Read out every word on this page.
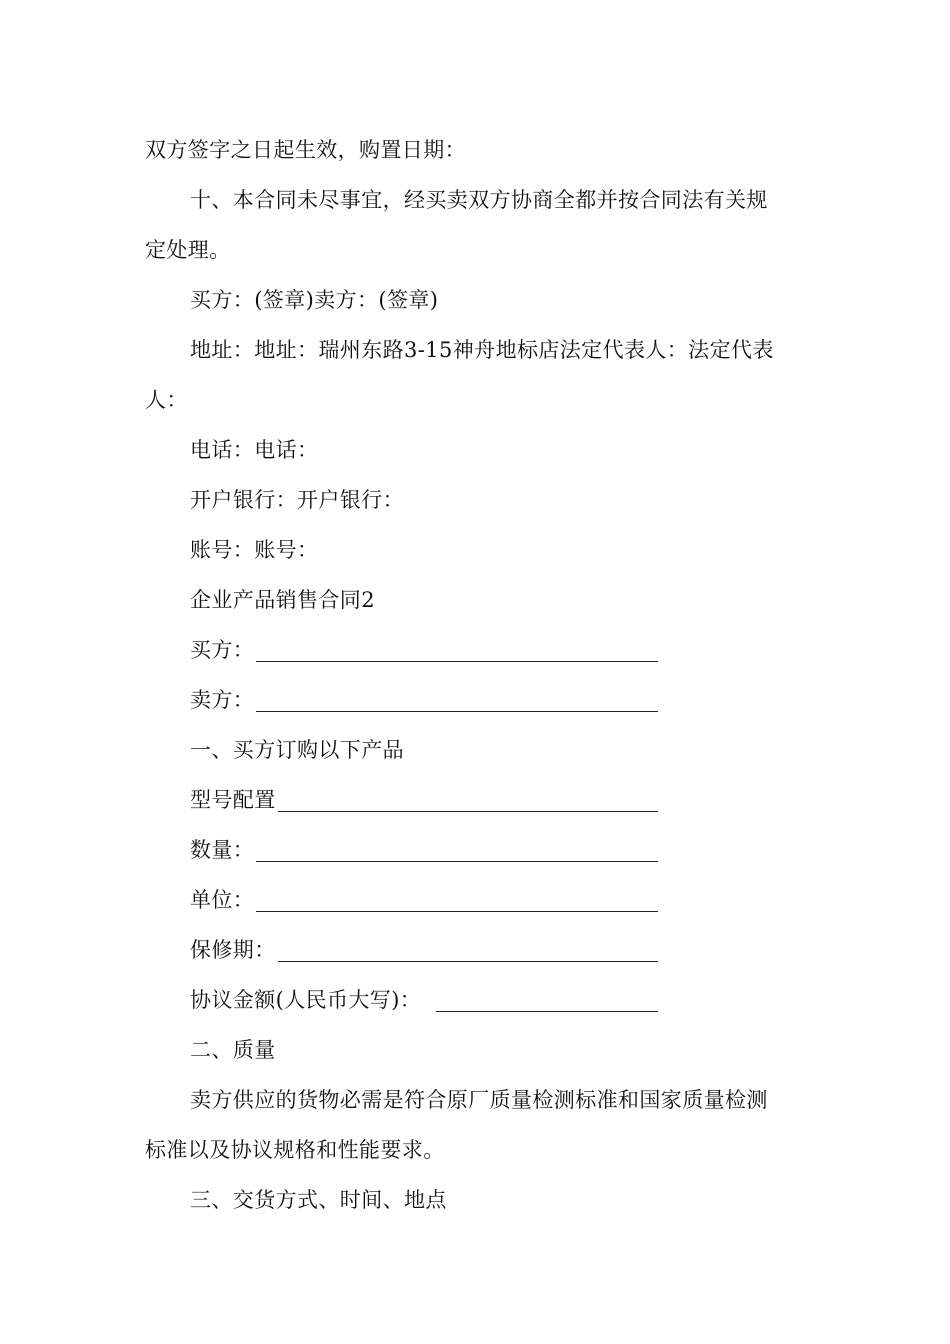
双方签字之日起生效，购置日期：
十、本合同未尽事宜，经买卖双方协商全都并按合同法有关规
定处理。
买方：(签章)卖方：(签章)
地址：地址：瑞州东路3-15神舟地标店法定代表人：法定代表
人：
电话：电话：
开户银行：开户银行：
账号：账号：
企业产品销售合同2
买方：
卖方：
一、买方订购以下产品
型号配置
数量：
单位：
保修期：
协议金额(人民币大写)：
二、质量
卖方供应的货物必需是符合原厂质量检测标准和国家质量检测
标准以及协议规格和性能要求。
三、交货方式、时间、地点
